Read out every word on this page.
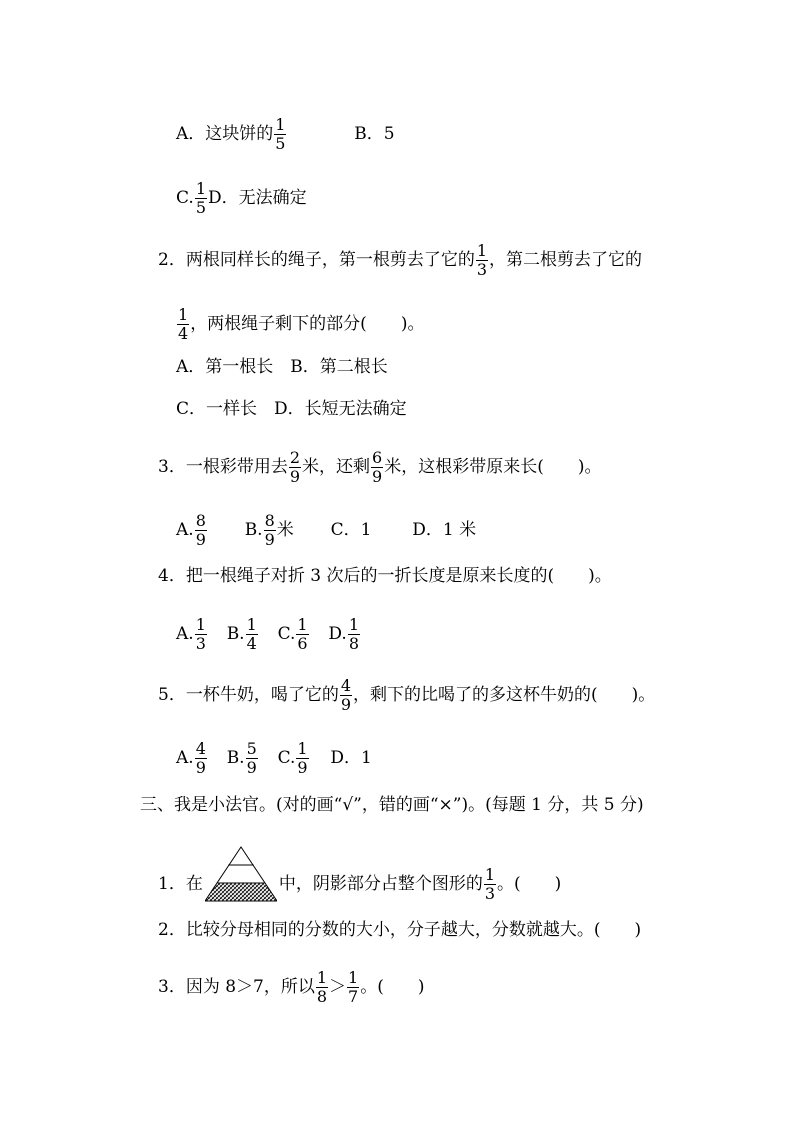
A．这块饼的 $\frac{1}{5}$	B．5
C. $\frac{1}{5}$ D．无法确定
2．两根同样长的绳子，第一根剪去了它的 $\frac{1}{3}$ ，第二根剪去了它的
$\frac{1}{4}$ ，两根绳子剩下的部分(　　)。
A．第一根长　B．第二根长
C．一样长　D．长短无法确定
3．一根彩带用去 $\frac{2}{9}$ 米，还剩 $\frac{6}{9}$ 米，这根彩带原来长(　　)。
A. $\frac{8}{9} B$. $\frac{8}{9}$ 米 C．1 D．1 米
4．把一根绳子对折 3 次后的一折长度是原来长度的(　　)。
A. $\frac{1}{3} B$. $\frac{1}{4} C$. $\frac{1}{6} D$. $\frac{1}{8}$
5．一杯牛奶，喝了它的 $\frac{4}{9}$ ，剩下的比喝了的多这杯牛奶的(　　)。
A. $\frac{4}{9} B$. $\frac{5}{9} C$. $\frac{1}{9}$ D．1
三、我是小法官。(对的画“√”，错的画“×”)。(每题 1 分，共 5 分)
1．在	中，阴影部分占整个图形的 $\frac{1}{3}$ 。(　　)
2．比较分母相同的分数的大小，分子越大，分数就越大。(　　)
3．因为 8＞7，所以 $\frac{1}{8} > \frac{1}{7}$ 。(　　)
